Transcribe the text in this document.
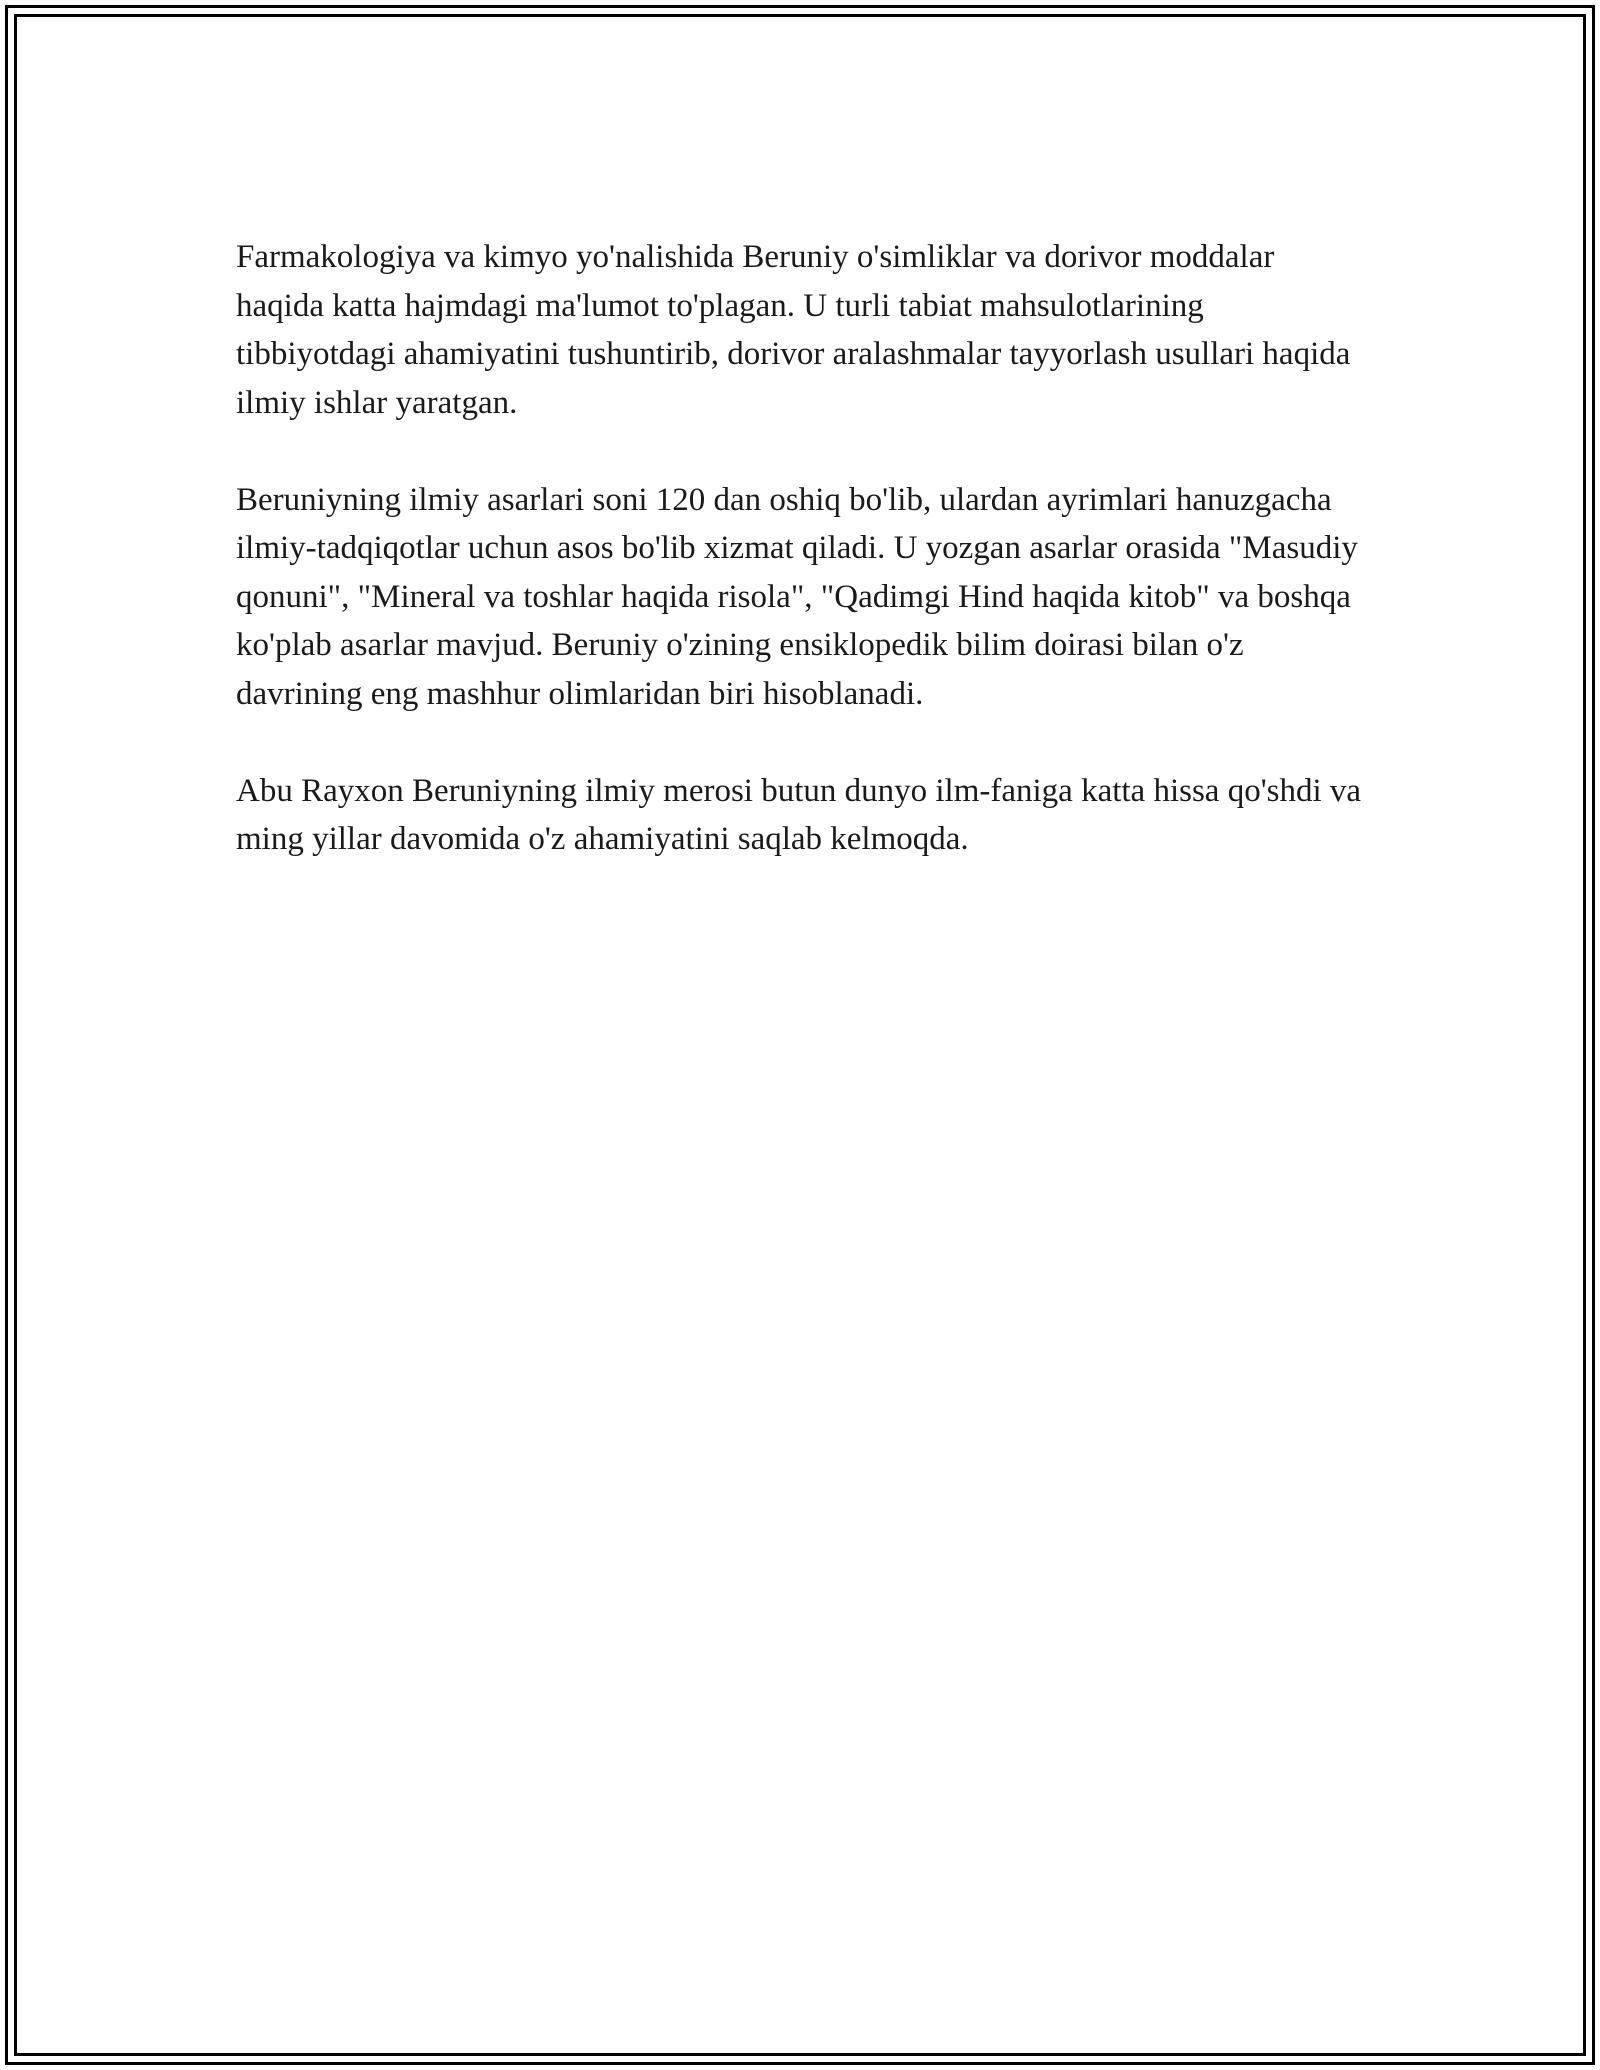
Farmakologiya va kimyo yo'nalishida Beruniy o'simliklar va dorivor moddalar haqida katta hajmdagi ma'lumot to'plagan. U turli tabiat mahsulotlarining tibbiyotdagi ahamiyatini tushuntirib, dorivor aralashmalar tayyorlash usullari haqida ilmiy ishlar yaratgan.

Beruniyning ilmiy asarlari soni 120 dan oshiq bo'lib, ulardan ayrimlari hanuzgacha ilmiy-tadqiqotlar uchun asos bo'lib xizmat qiladi. U yozgan asarlar orasida "Masudiy qonuni", "Mineral va toshlar haqida risola", "Qadimgi Hind haqida kitob" va boshqa ko'plab asarlar mavjud. Beruniy o'zining ensiklopedik bilim doirasi bilan o'z davrining eng mashhur olimlaridan biri hisoblanadi.

Abu Rayxon Beruniyning ilmiy merosi butun dunyo ilm-faniga katta hissa qo'shdi va ming yillar davomida o'z ahamiyatini saqlab kelmoqda.
